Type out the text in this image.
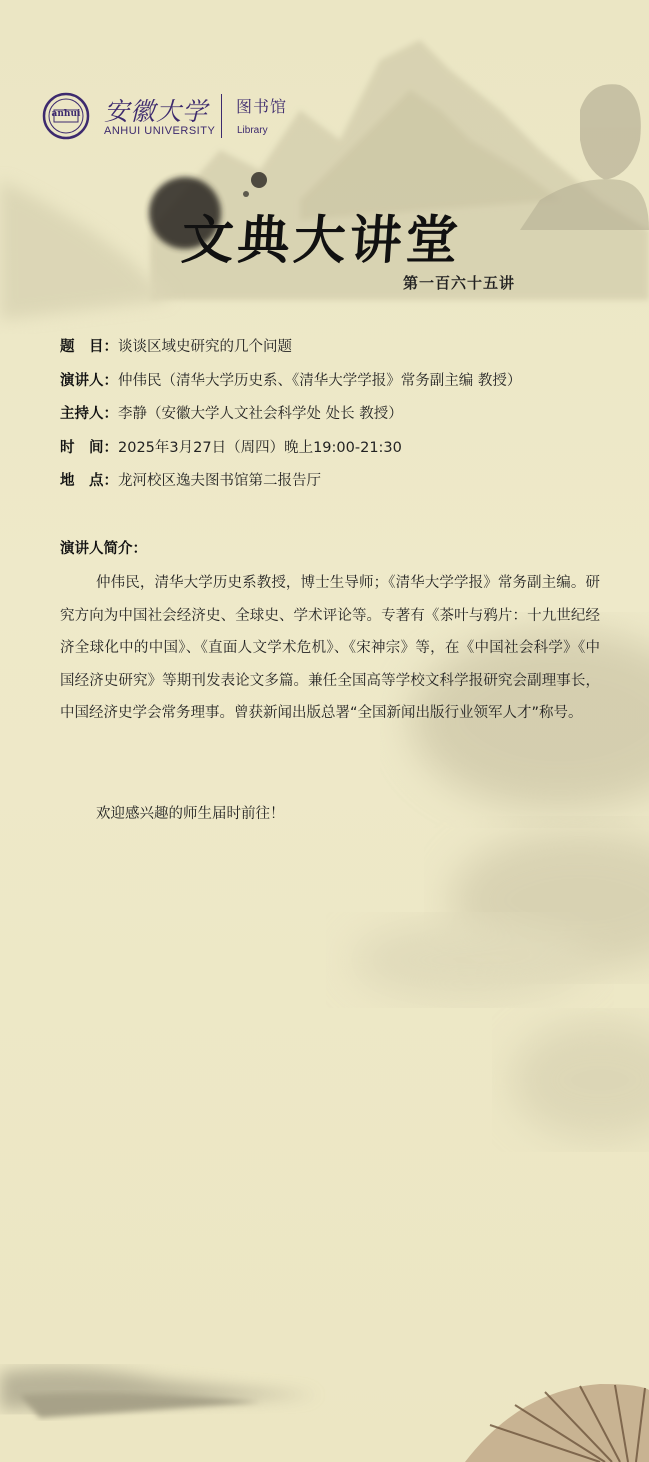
anhui 安徽大学
ANHUI UNIVERSITY
图书馆
Library
文典大讲堂
第一百六十五讲
题　目：谈谈区域史研究的几个问题
演讲人：仲伟民（清华大学历史系、《清华大学学报》常务副主编 教授）
主持人：李静（安徽大学人文社会科学处 处长 教授）
时　间：2025年3月27日（周四）晚上19:00-21:30
地　点：龙河校区逸夫图书馆第二报告厅
演讲人简介：

仲伟民，清华大学历史系教授，博士生导师；《清华大学学报》常务副主编。研究方向为中国社会经济史、全球史、学术评论等。专著有《茶叶与鸦片：十九世纪经济全球化中的中国》、《直面人文学术危机》、《宋神宗》等，在《中国社会科学》《中国经济史研究》等期刊发表论文多篇。兼任全国高等学校文科学报研究会副理事长，中国经济史学会常务理事。曾获新闻出版总署“全国新闻出版行业领军人才”称号。

欢迎感兴趣的师生届时前往！
